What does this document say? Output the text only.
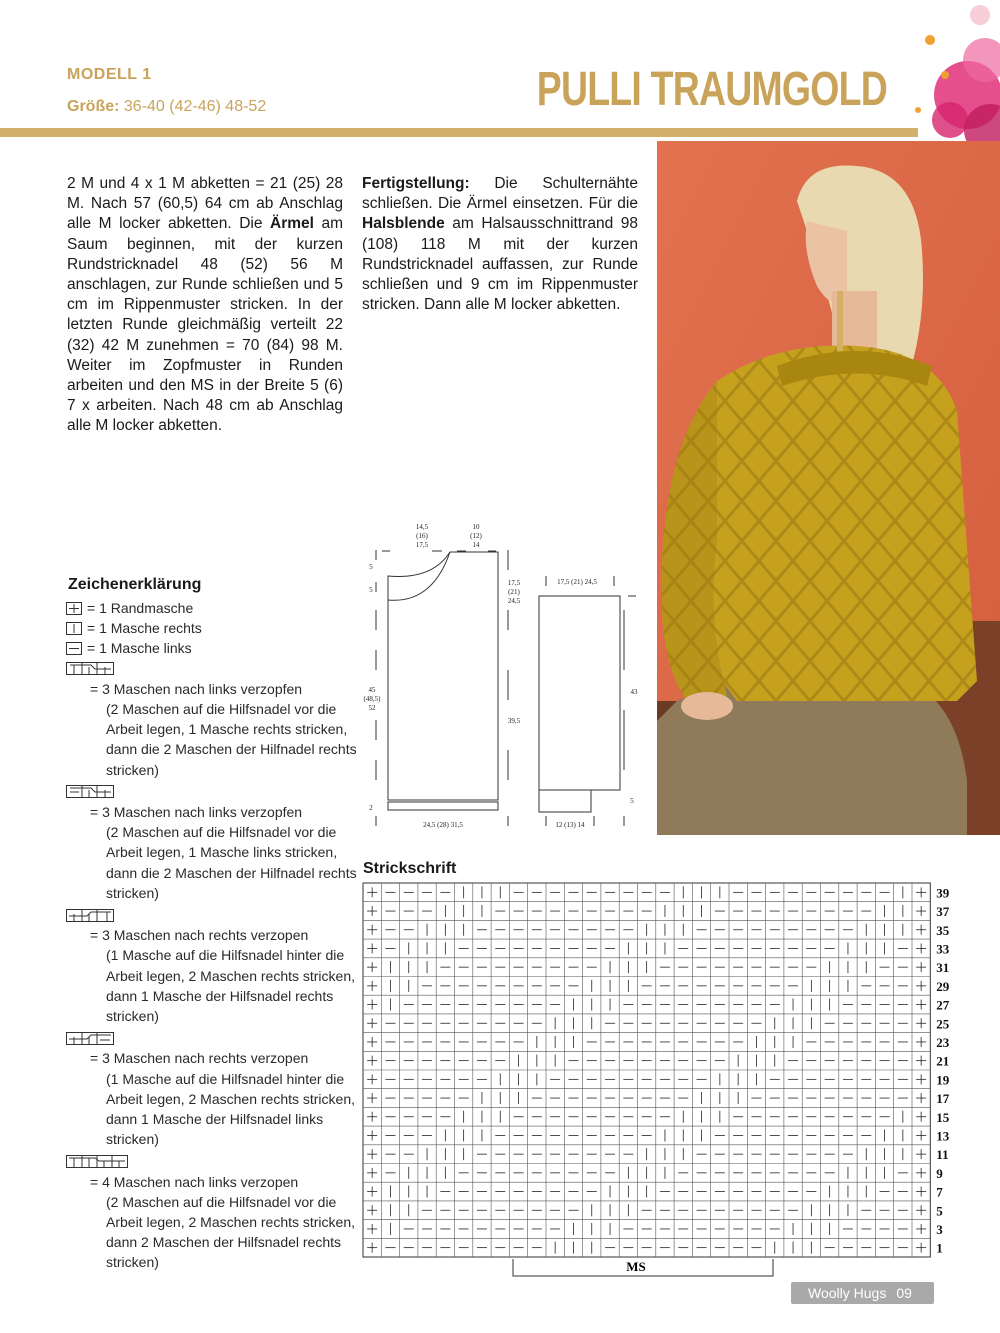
MODELL 1
Größe: 36-40 (42-46) 48-52	PULLI TRAUMGOLD
2 M und 4 x 1 M abketten = 21 (25) 28 M. Nach 57 (60,5) 64 cm ab Anschlag alle M locker abketten. Die Ärmel am Saum beginnen, mit der kurzen Rundstricknadel 48 (52) 56 M anschlagen, zur Runde schließen und 5 cm im Rippenmuster stricken. In der letzten Runde gleichmäßig verteilt 22 (32) 42 M zunehmen = 70 (84) 98 M. Weiter im Zopfmuster in Runden arbeiten und den MS in der Breite 5 (6) 7 x arbeiten. Nach 48 cm ab Anschlag alle M locker abketten.
Fertigstellung: Die Schulternähte schließen. Die Ärmel einsetzen. Für die Halsblende am Halsausschnittrand 98 (108) 118 M mit der kurzen Rundstricknadel auffassen, zur Runde schließen und 9 cm im Rippenmuster stricken. Dann alle M locker abketten.
Zeichenerklärung
= 1 Randmasche
= 1 Masche rechts
= 1 Masche links
= 3 Maschen nach links verzopfen
(2 Maschen auf die Hilfsnadel vor die Arbeit legen, 1 Masche rechts stricken, dann die 2 Maschen der Hilfnadel rechts stricken)
= 3 Maschen nach links verzopfen
(2 Maschen auf die Hilfsnadel vor die Arbeit legen, 1 Masche links stricken, dann die 2 Maschen der Hilfnadel rechts stricken)
= 3 Maschen nach rechts verzopen
(1 Masche auf die Hilfsnadel hinter die Arbeit legen, 2 Maschen rechts stricken, dann 1 Masche der Hilfsnadel rechts stricken)
= 3 Maschen nach rechts verzopen
(1 Masche auf die Hilfsnadel hinter die Arbeit legen, 2 Maschen rechts stricken, dann 1 Masche der Hilfsnadel links stricken)
= 4 Maschen nach links verzopen
(2 Maschen auf die Hilfsnadel vor die Arbeit legen, 2 Maschen rechts stricken, dann 2 Maschen der Hilfsnadel rechts stricken)
14,5
(16)
17,5
10
(12)
14
5
5
45
(48,5)
52
2
17,5
(21)
24,5
39,5
24,5 (28) 31,5
17,5 (21) 24,5
43
5
12 (13) 14
Strickschrift
39
37
35
33
31
29
27
25
23
21
19
17
15
13
11
9
7
5
3
1
MS
Woolly Hugs 09
